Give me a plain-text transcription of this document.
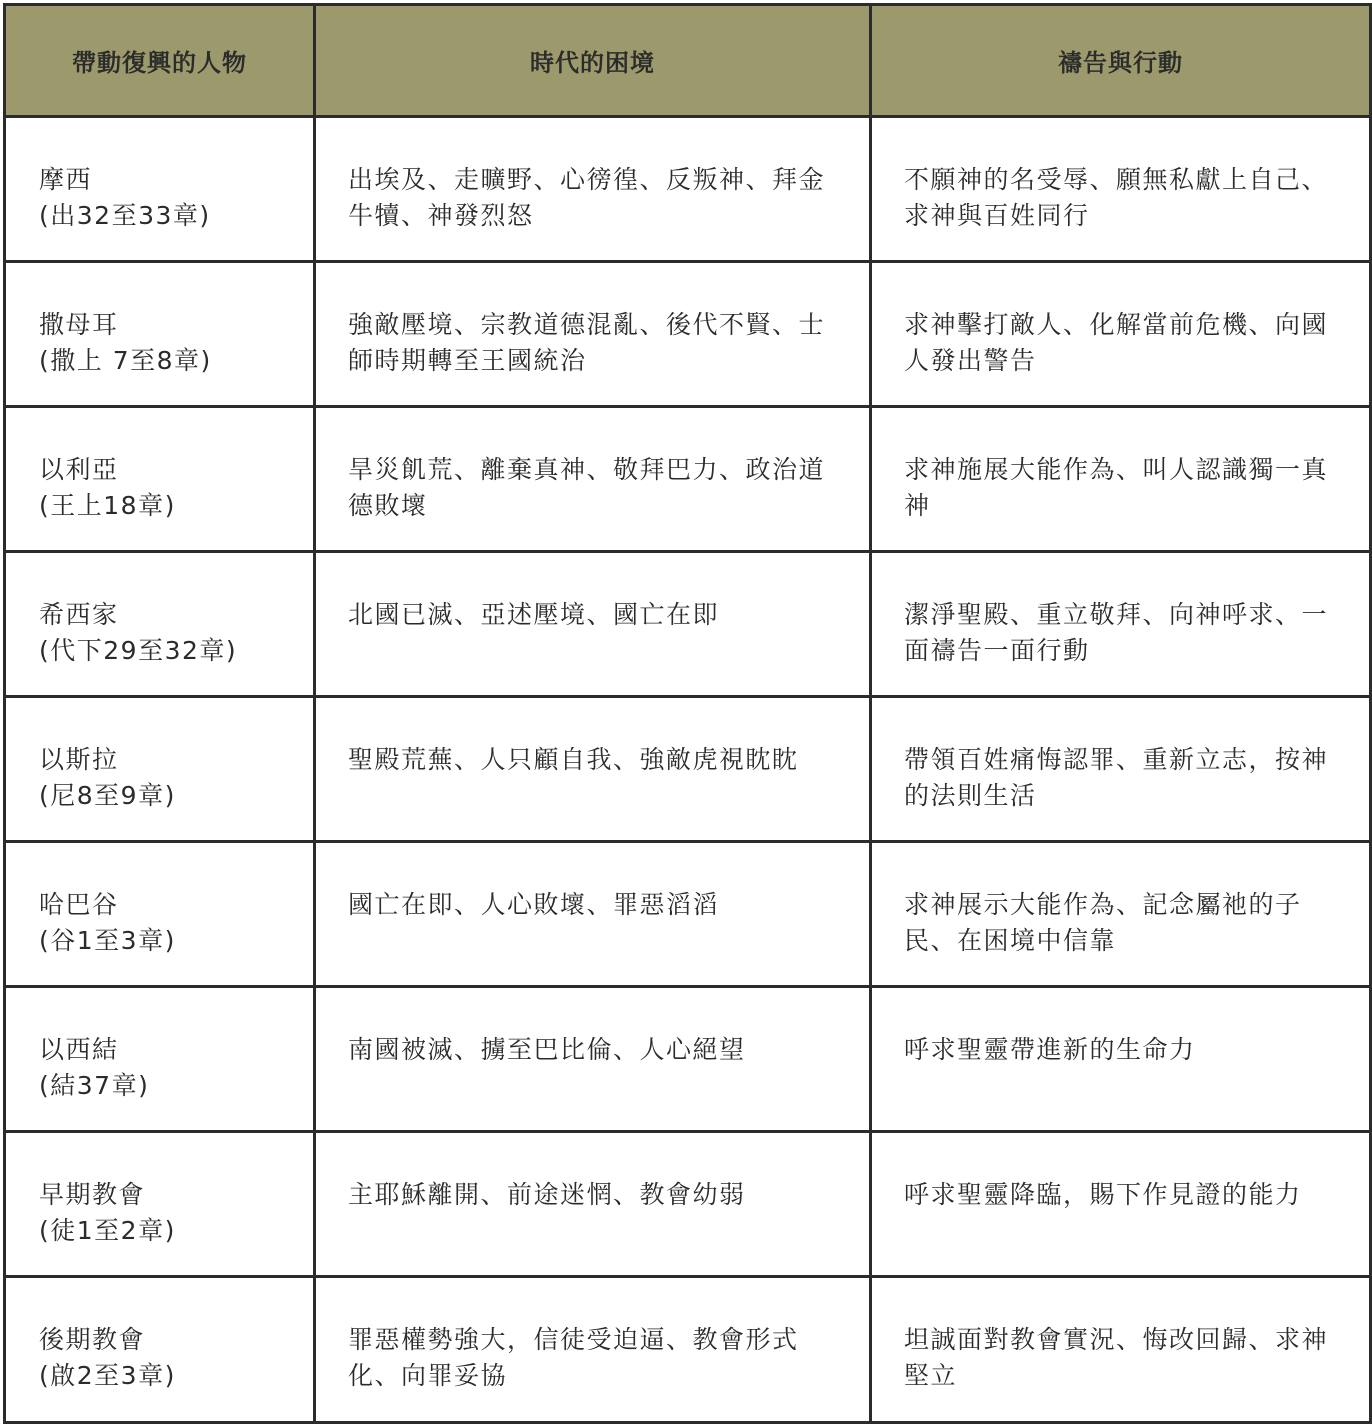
帶動復興的人物	時代的困境	禱告與行動
摩西
(出32至33章)	出埃及、走曠野、心徬徨、反叛神、拜金牛犢、神發烈怒	不願神的名受辱、願無私獻上自己、求神與百姓同行
撒母耳
(撒上 7至8章)	強敵壓境、宗教道德混亂、後代不賢、士師時期轉至王國統治	求神擊打敵人、化解當前危機、向國人發出警告
以利亞
(王上18章)	旱災飢荒、離棄真神、敬拜巴力、政治道德敗壞	求神施展大能作為、叫人認識獨一真神
希西家
(代下29至32章)	北國已滅、亞述壓境、國亡在即	潔淨聖殿、重立敬拜、向神呼求、一面禱告一面行動
以斯拉
(尼8至9章)	聖殿荒蕪、人只顧自我、強敵虎視眈眈	帶領百姓痛悔認罪、重新立志，按神的法則生活
哈巴谷
(谷1至3章)	國亡在即、人心敗壞、罪惡滔滔	求神展示大能作為、記念屬祂的子民、在困境中信靠
以西結
(結37章)	南國被滅、擄至巴比倫、人心絕望	呼求聖靈帶進新的生命力
早期教會
(徒1至2章)	主耶穌離開、前途迷惘、教會幼弱	呼求聖靈降臨，賜下作見證的能力
後期教會
(啟2至3章)	罪惡權勢強大，信徒受迫逼、教會形式化、向罪妥協	坦誠面對教會實況、悔改回歸、求神堅立
